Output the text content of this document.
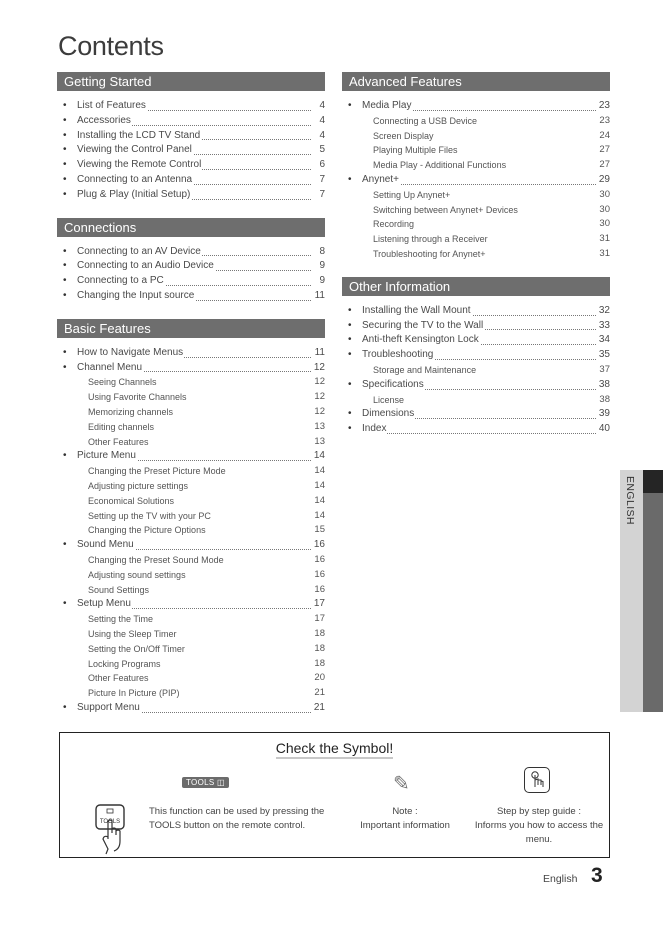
Contents
Getting Started
• List of Features	4
• Accessories	4
• Installing the LCD TV Stand	4
• Viewing the Control Panel	5
• Viewing the Remote Control	6
• Connecting to an Antenna	7
• Plug & Play (Initial Setup)	7
Connections
• Connecting to an AV Device	8
• Connecting to an Audio Device	9
• Connecting to a PC	9
• Changing the Input source	11
Basic Features
• How to Navigate Menus	11
• Channel Menu	12
Seeing Channels	12
Using Favorite Channels	12
Memorizing channels	12
Editing channels	13
Other Features	13
• Picture Menu	14
Changing the Preset Picture Mode	14
Adjusting picture settings	14
Economical Solutions	14
Setting up the TV with your PC	14
Changing the Picture Options	15
• Sound Menu	16
Changing the Preset Sound Mode	16
Adjusting sound settings	16
Sound Settings	16
• Setup Menu	17
Setting the Time	17
Using the Sleep Timer	18
Setting the On/Off Timer	18
Locking Programs	18
Other Features	20
Picture In Picture (PIP)	21
• Support Menu	21
Advanced Features
• Media Play	23
Connecting a USB Device	23
Screen Display	24
Playing Multiple Files	27
Media Play - Additional Functions	27
• Anynet+	29
Setting Up Anynet+	30
Switching between Anynet+ Devices	30
Recording	30
Listening through a Receiver	31
Troubleshooting for Anynet+	31
Other Information
• Installing the Wall Mount	32
• Securing the TV to the Wall	33
• Anti-theft Kensington Lock	34
• Troubleshooting	35
Storage and Maintenance	37
• Specifications	38
License	38
• Dimensions	39
• Index	40
ENGLISH
Check the Symbol!
TOOLS ◫
TOOLS
This function can be used by pressing the TOOLS button on the remote control.
✎
Note :
Important information
Step by step guide :
Informs you how to access the menu.
English 3
